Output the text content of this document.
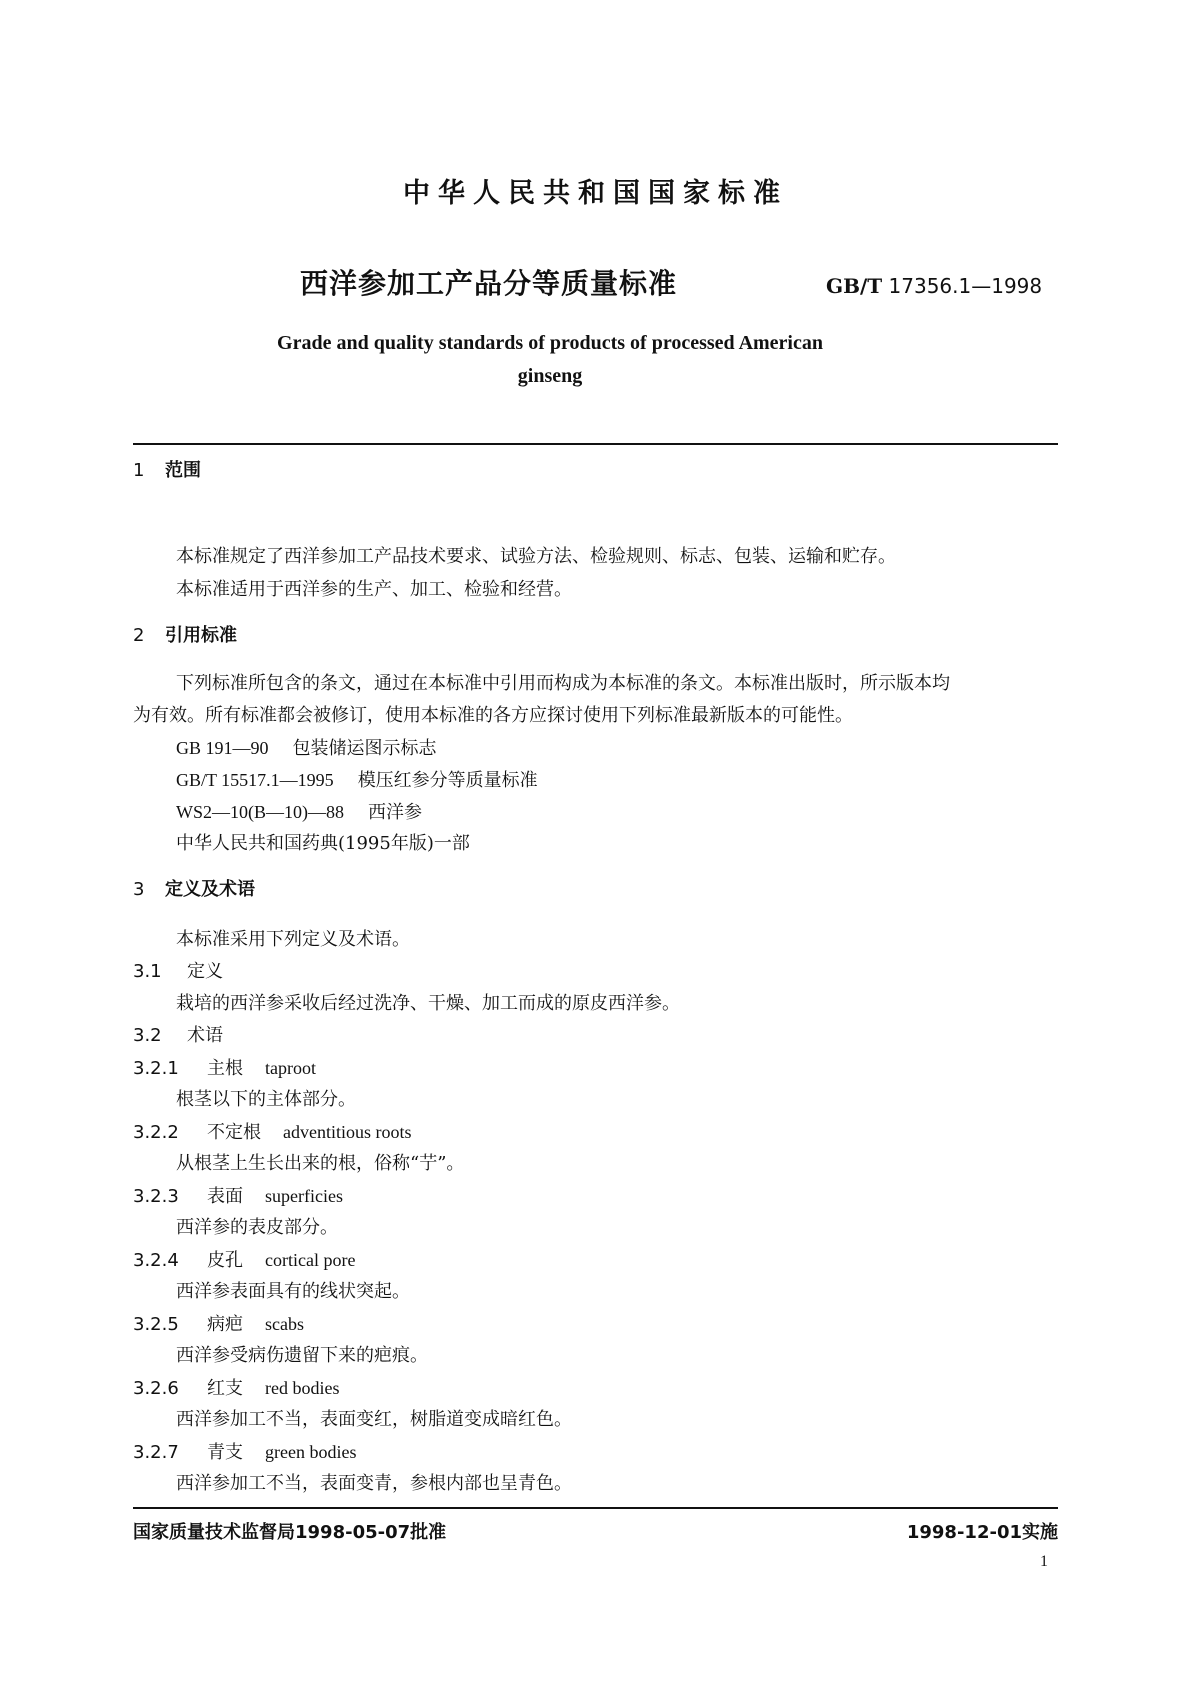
中华人民共和国国家标准
西洋参加工产品分等质量标准	GB/T 17356.1—1998
Grade and quality standards of products of processed American ginseng
1 范围
本标准规定了西洋参加工产品技术要求、试验方法、检验规则、标志、包装、运输和贮存。
本标准适用于西洋参的生产、加工、检验和经营。
2 引用标准
下列标准所包含的条文，通过在本标准中引用而构成为本标准的条文。本标准出版时，所示版本均
为有效。所有标准都会被修订，使用本标准的各方应探讨使用下列标准最新版本的可能性。
GB 191—90 包装储运图示标志
GB/T 15517.1—1995 模压红参分等质量标准
WS2—10(B—10)—88 西洋参
中华人民共和国药典(1995年版)一部
3 定义及术语
本标准采用下列定义及术语。
3.1 定义
栽培的西洋参采收后经过洗净、干燥、加工而成的原皮西洋参。
3.2 术语
3.2.1 主根 taproot
根茎以下的主体部分。
3.2.2 不定根 adventitious roots
从根茎上生长出来的根，俗称“艼”。
3.2.3 表面 superficies
西洋参的表皮部分。
3.2.4 皮孔 cortical pore
西洋参表面具有的线状突起。
3.2.5 病疤 scabs
西洋参受病伤遗留下来的疤痕。
3.2.6 红支 red bodies
西洋参加工不当，表面变红，树脂道变成暗红色。
3.2.7 青支 green bodies
西洋参加工不当，表面变青，参根内部也呈青色。
国家质量技术监督局1998-05-07批准	1998-12-01实施
1
